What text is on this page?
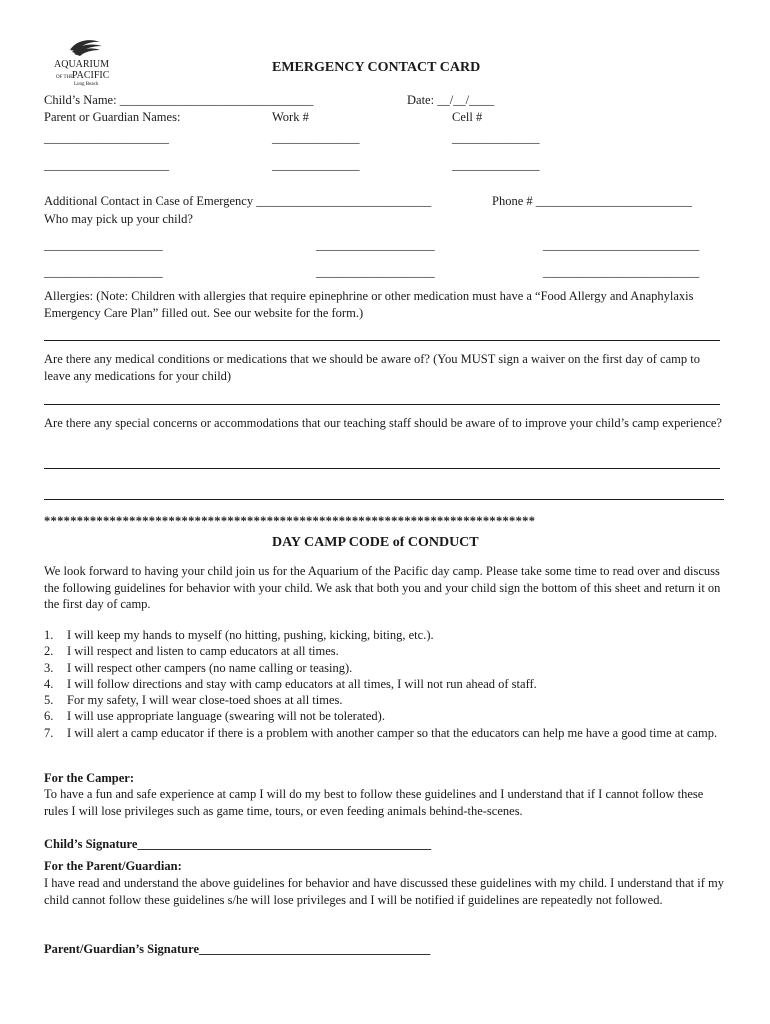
AQUARIUM
OF THE
PACIFIC
Long Beach
EMERGENCY CONTACT CARD
Child’s Name: _______________________________	Date: __/__/____
Parent or Guardian Names:	Work #	Cell #
____________________	______________	______________
____________________	______________	______________
Additional Contact in Case of Emergency ____________________________	Phone # _________________________
Who may pick up your child?
___________________	___________________	_________________________
___________________	___________________	_________________________
Allergies: (Note: Children with allergies that require epinephrine or other medication must have a “Food Allergy and Anaphylaxis Emergency Care Plan” filled out. See our website for the form.)
Are there any medical conditions or medications that we should be aware of? (You MUST sign a waiver on the first day of camp to leave any medications for your child)
Are there any special concerns or accommodations that our teaching staff should be aware of to improve your child’s camp experience?
***************************************************************************
DAY CAMP CODE of CONDUCT
We look forward to having your child join us for the Aquarium of the Pacific day camp. Please take some time to read over and discuss the following guidelines for behavior with your child. We ask that both you and your child sign the bottom of this sheet and return it on the first day of camp.
1.	I will keep my hands to myself (no hitting, pushing, kicking, biting, etc.).
2.	I will respect and listen to camp educators at all times.
3.	I will respect other campers (no name calling or teasing).
4.	I will follow directions and stay with camp educators at all times, I will not run ahead of staff.
5.	For my safety, I will wear close-toed shoes at all times.
6.	I will use appropriate language (swearing will not be tolerated).
7.	I will alert a camp educator if there is a problem with another camper so that the educators can help me have a good time at camp.
For the Camper:
To have a fun and safe experience at camp I will do my best to follow these guidelines and I understand that if I cannot follow these rules I will lose privileges such as game time, tours, or even feeding animals behind-the-scenes.
Child’s Signature_______________________________________________
For the Parent/Guardian:
I have read and understand the above guidelines for behavior and have discussed these guidelines with my child. I understand that if my child cannot follow these guidelines s/he will lose privileges and I will be notified if guidelines are repeatedly not followed.
Parent/Guardian’s Signature_____________________________________
